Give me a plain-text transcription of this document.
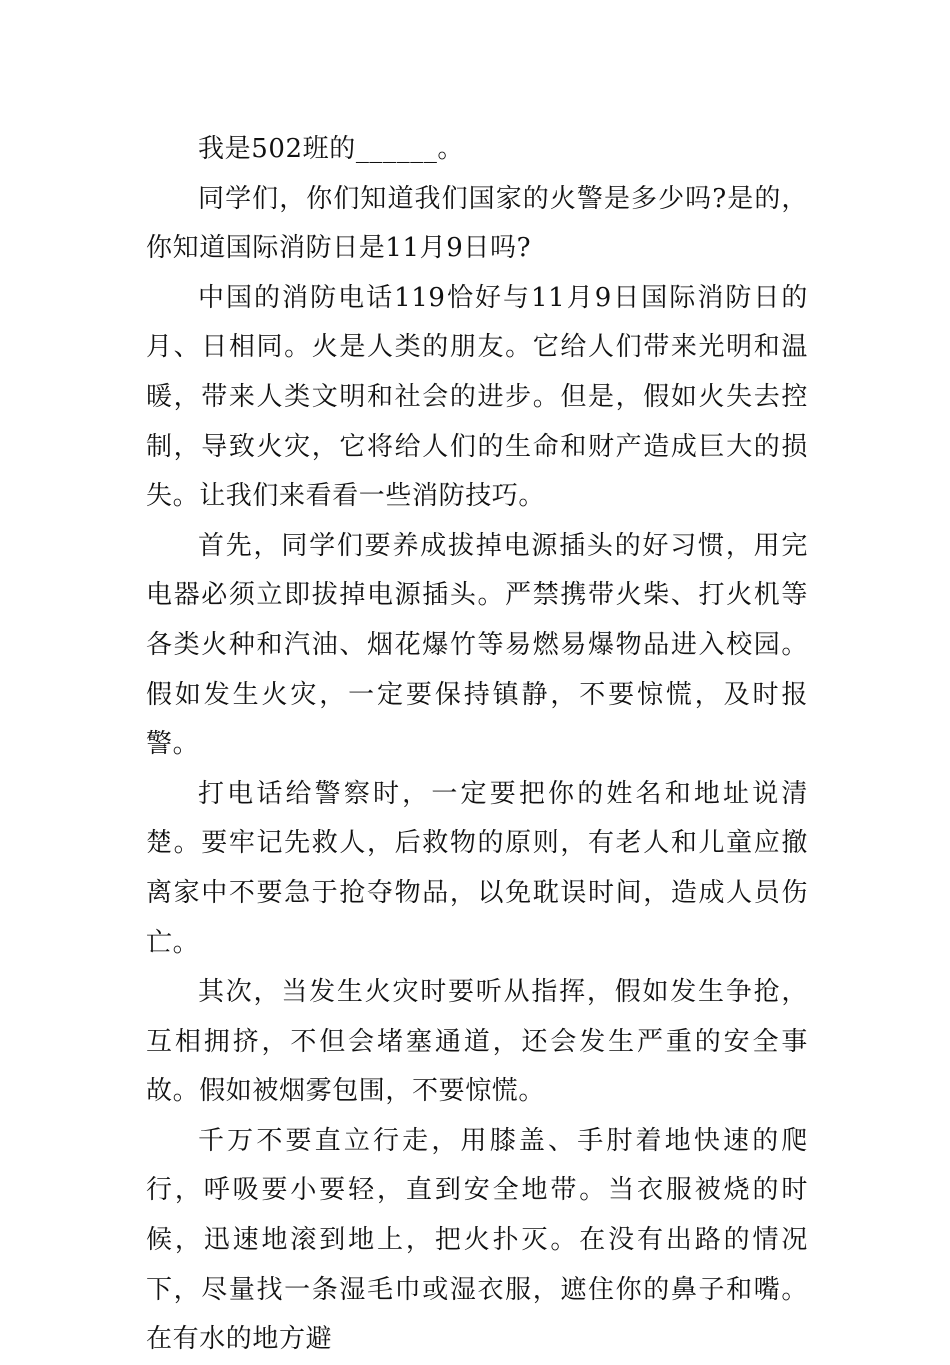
我是502班的______。

同学们，你们知道我们国家的火警是多少吗?是的，你知道国际消防日是11月9日吗?

中国的消防电话119恰好与11月9日国际消防日的月、日相同。火是人类的朋友。它给人们带来光明和温暖，带来人类文明和社会的进步。但是，假如火失去控制，导致火灾，它将给人们的生命和财产造成巨大的损失。让我们来看看一些消防技巧。

首先，同学们要养成拔掉电源插头的好习惯，用完电器必须立即拔掉电源插头。严禁携带火柴、打火机等各类火种和汽油、烟花爆竹等易燃易爆物品进入校园。假如发生火灾，一定要保持镇静，不要惊慌，及时报警。

打电话给警察时，一定要把你的姓名和地址说清楚。要牢记先救人，后救物的原则，有老人和儿童应撤离家中不要急于抢夺物品，以免耽误时间，造成人员伤亡。

其次，当发生火灾时要听从指挥，假如发生争抢，互相拥挤，不但会堵塞通道，还会发生严重的安全事故。假如被烟雾包围，不要惊慌。

千万不要直立行走，用膝盖、手肘着地快速的爬行，呼吸要小要轻，直到安全地带。当衣服被烧的时候，迅速地滚到地上，把火扑灭。在没有出路的情况下，尽量找一条湿毛巾或湿衣服，遮住你的鼻子和嘴。在有水的地方避
